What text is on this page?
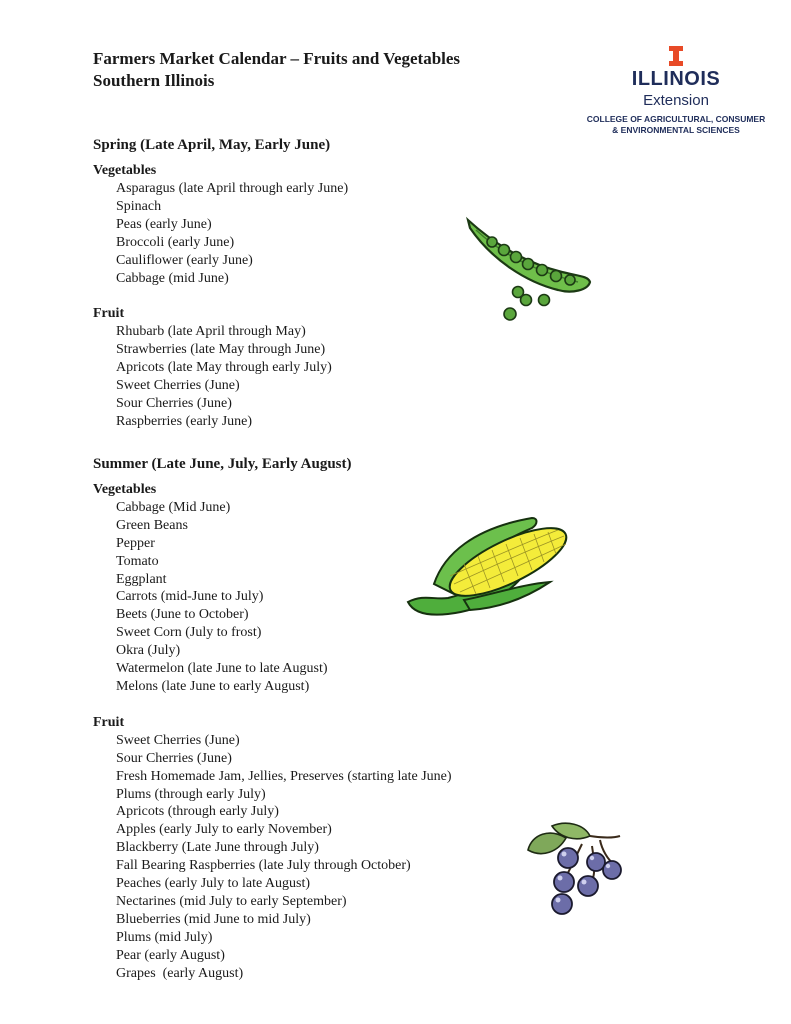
Farmers Market Calendar – Fruits and Vegetables
Southern Illinois	ILLINOIS
Extension
COLLEGE OF AGRICULTURAL, CONSUMER
& ENVIRONMENTAL SCIENCES
Spring (Late April, May, Early June)
Vegetables
Asparagus (late April through early June)
Spinach
Peas (early June)
Broccoli (early June)
Cauliflower (early June)
Cabbage (mid June)
Fruit
Rhubarb (late April through May)
Strawberries (late May through June)
Apricots (late May through early July)
Sweet Cherries (June)
Sour Cherries (June)
Raspberries (early June)
Summer (Late June, July, Early August)
Vegetables
Cabbage (Mid June)
Green Beans
Pepper
Tomato
Eggplant
Carrots (mid-June to July)
Beets (June to October)
Sweet Corn (July to frost)
Okra (July)
Watermelon (late June to late August)
Melons (late June to early August)
Fruit
Sweet Cherries (June)
Sour Cherries (June)
Fresh Homemade Jam, Jellies, Preserves (starting late June)
Plums (through early July)
Apricots (through early July)
Apples (early July to early November)
Blackberry (Late June through July)
Fall Bearing Raspberries (late July through October)
Peaches (early July to late August)
Nectarines (mid July to early September)
Blueberries (mid June to mid July)
Plums (mid July)
Pear (early August)
Grapes  (early August)
